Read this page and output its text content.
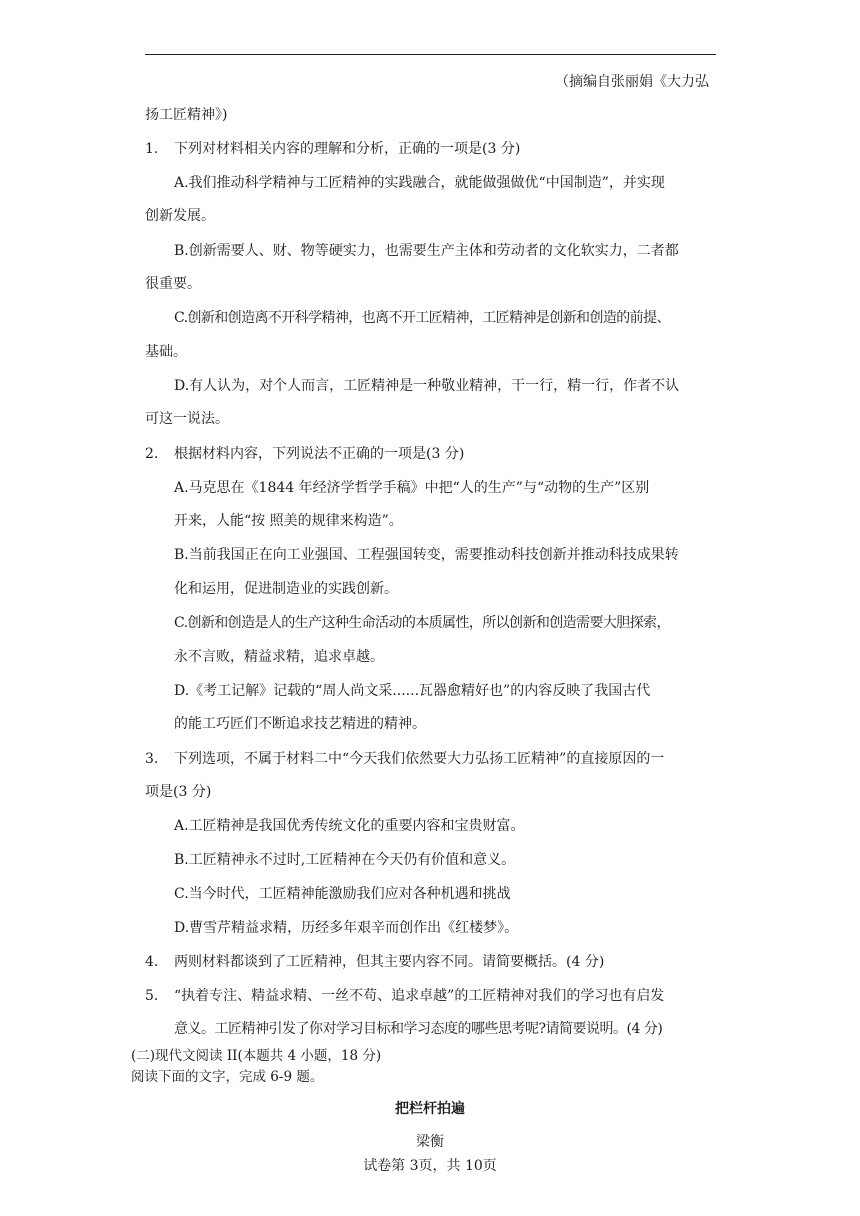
（摘编自张丽娟《大力弘
扬工匠精神》)
1. 下列对材料相关内容的理解和分析，正确的一项是(3 分)
A.我们推动科学精神与工匠精神的实践融合，就能做强做优“中国制造”，并实现
创新发展。
B.创新需要人、财、物等硬实力，也需要生产主体和劳动者的文化软实力，二者都
很重要。
C.创新和创造离不开科学精神，也离不开工匠精神，工匠精神是创新和创造的前提、
基础。
D.有人认为，对个人而言，工匠精神是一种敬业精神，干一行，精一行，作者不认
可这一说法。
2. 根据材料内容，下列说法不正确的一项是(3 分)
A.马克思在《1844 年经济学哲学手稿》中把“人的生产”与“动物的生产”区别
开来，人能“按 照美的规律来构造”。
B.当前我国正在向工业强国、工程强国转变，需要推动科技创新并推动科技成果转
化和运用，促进制造业的实践创新。
C.创新和创造是人的生产这种生命活动的本质属性，所以创新和创造需要大胆探索，
永不言败，精益求精，追求卓越。
D.《考工记解》记载的“周人尚文采......瓦器愈精好也”的内容反映了我国古代
的能工巧匠们不断追求技艺精进的精神。
3. 下列选项，不属于材料二中“今天我们依然要大力弘扬工匠精神”的直接原因的一
项是(3 分)
A.工匠精神是我国优秀传统文化的重要内容和宝贵财富。
B.工匠精神永不过时,工匠精神在今天仍有价值和意义。
C.当今时代，工匠精神能激励我们应对各种机遇和挑战
D.曹雪芹精益求精，历经多年艰辛而创作出《红楼梦》。
4. 两则材料都谈到了工匠精神，但其主要内容不同。请简要概括。(4 分)
5. “执着专注、精益求精、一丝不苟、追求卓越”的工匠精神对我们的学习也有启发
意义。工匠精神引发了你对学习目标和学习态度的哪些思考呢?请简要说明。(4 分)
(二)现代文阅读 II(本题共 4 小题，18 分)
阅读下面的文字，完成 6-9 题。
把栏杆拍遍
梁衡
试卷第 3页，共 10页
